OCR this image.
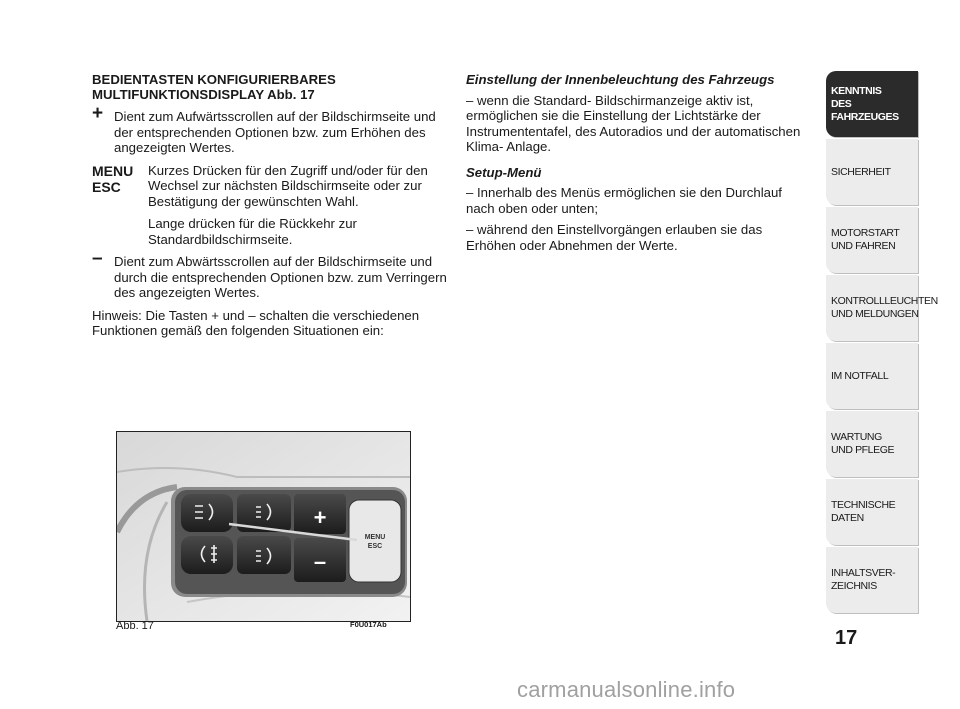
BEDIENTASTEN KONFIGURIERBARES MULTIFUNKTIONSDISPLAY Abb. 17

+ Dient zum Aufwärtsscrollen auf der Bildschirmseite und der entsprechenden Optionen bzw. zum Erhöhen des angezeigten Wertes.
MENU
ESC
Kurzes Drücken für den Zugriff und/oder für den Wechsel zur nächsten Bildschirmseite oder zur Bestätigung der gewünschten Wahl.
Lange drücken für die Rückkehr zur Standardbildschirmseite.
– Dient zum Abwärtsscrollen auf der Bildschirmseite und durch die entsprechenden Optionen bzw. zum Verringern des angezeigten Wertes.
Hinweis: Die Tasten + und – schalten die verschiedenen Funktionen gemäß den folgenden Situationen ein:

Einstellung der Innenbeleuchtung des Fahrzeugs

– wenn die Standard- Bildschirmanzeige aktiv ist, ermöglichen sie die Einstellung der Lichtstärke der Instrumententafel, des Autoradios und der automatischen Klima- Anlage.

Setup-Menü

– Innerhalb des Menüs ermöglichen sie den Durchlauf nach oben oder unten;

– während den Einstellvorgängen erlauben sie das Erhöhen oder Abnehmen der Werte.

+
–
MENU
ESC
Abb. 17	F0U017Ab
KENNTNIS
DES FAHRZEUGES
SICHERHEIT
MOTORSTART
UND FAHREN
KONTROLLLEUCHTEN
UND MELDUNGEN
IM NOTFALL
WARTUNG
UND PFLEGE
TECHNISCHE DATEN
INHALTSVER-
ZEICHNIS
17
carmanualsonline.info
